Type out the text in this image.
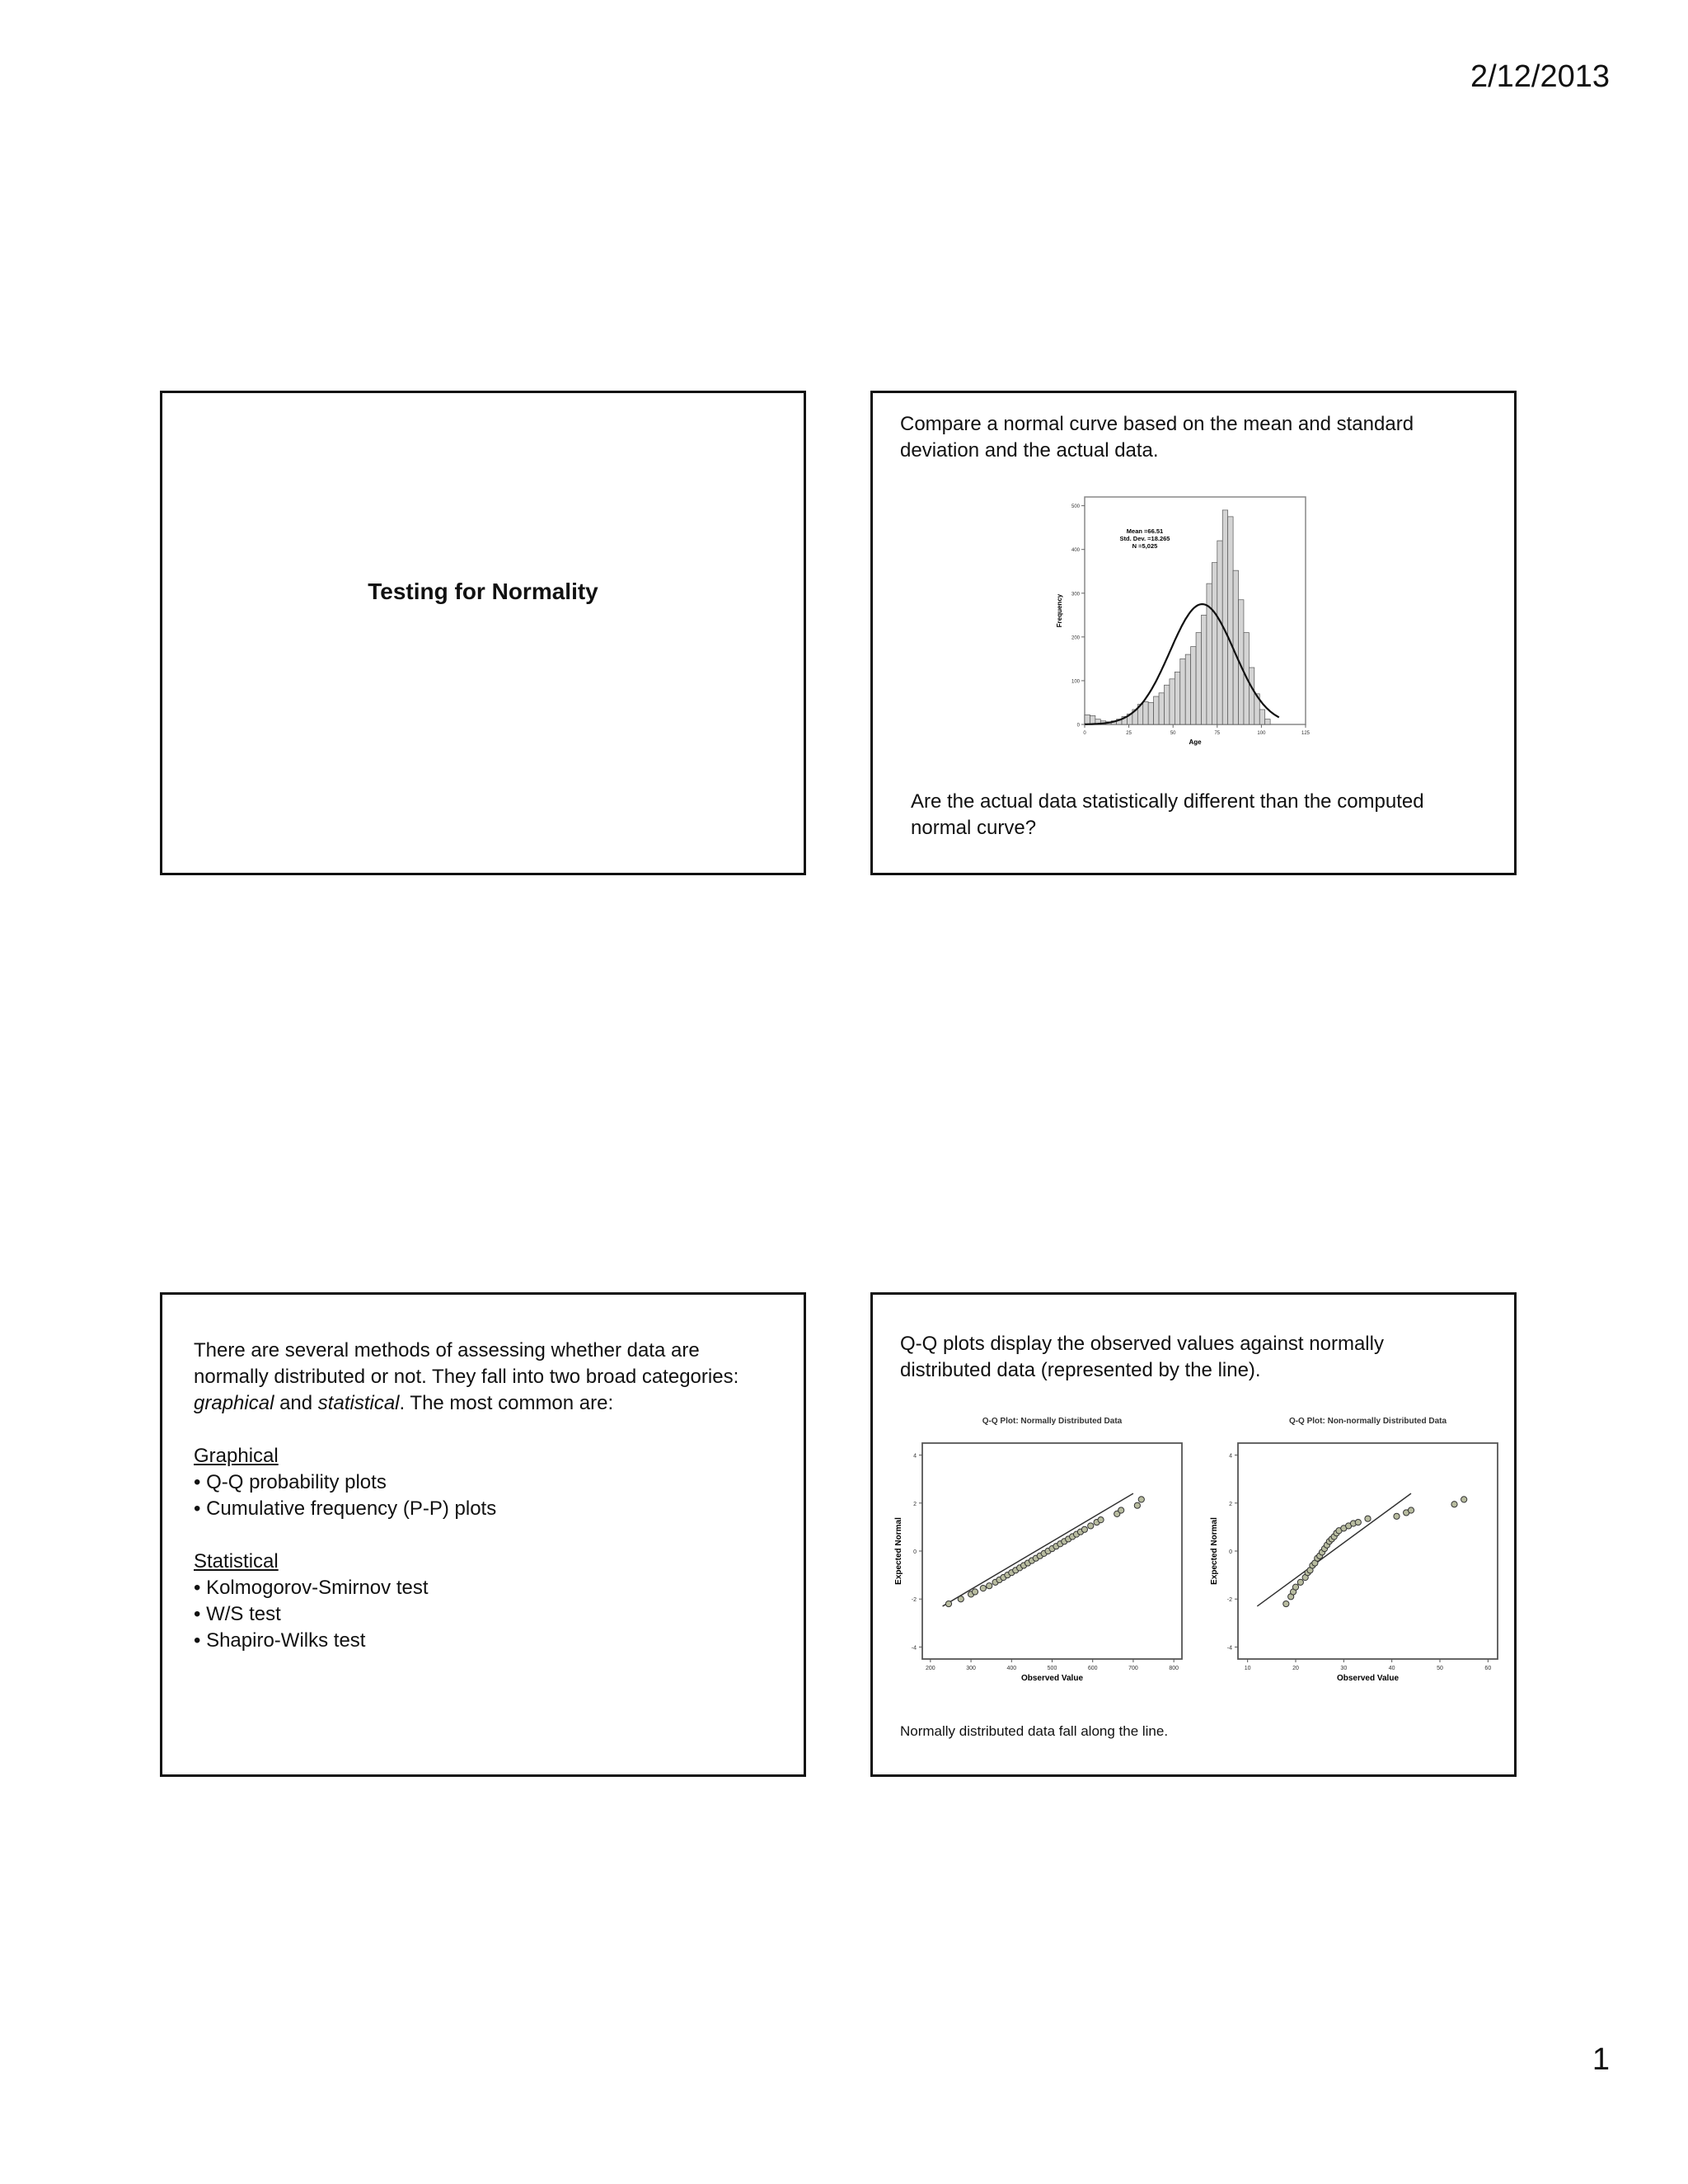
2/12/2013
Testing for Normality
Compare a normal curve based on the mean and standard deviation and the actual data.
0
100
200
300
400
500
0	25	50	75	100	125
Age
Frequency
Mean =66.51
Std. Dev. =18.265
N =5,025
Are the actual data statistically different than the computed normal curve?
There are several methods of assessing whether data are normally distributed or not. They fall into two broad categories: graphical and statistical. The most common are:
Graphical
• Q-Q probability plots
• Cumulative frequency (P-P) plots
Statistical
• Kolmogorov-Smirnov test
• W/S test
• Shapiro-Wilks test
Q-Q plots display the observed values against normally distributed data (represented by the line).
Q-Q Plot: Normally Distributed Data
4
2
0
-2
-4
200	300	400	500	600	700	800
Observed Value
Expected Normal
Q-Q Plot: Non-normally Distributed Data
4
2
0
-2
-4
10	20	30	40	50	60
Observed Value
Expected Normal
Normally distributed data fall along the line.
1
